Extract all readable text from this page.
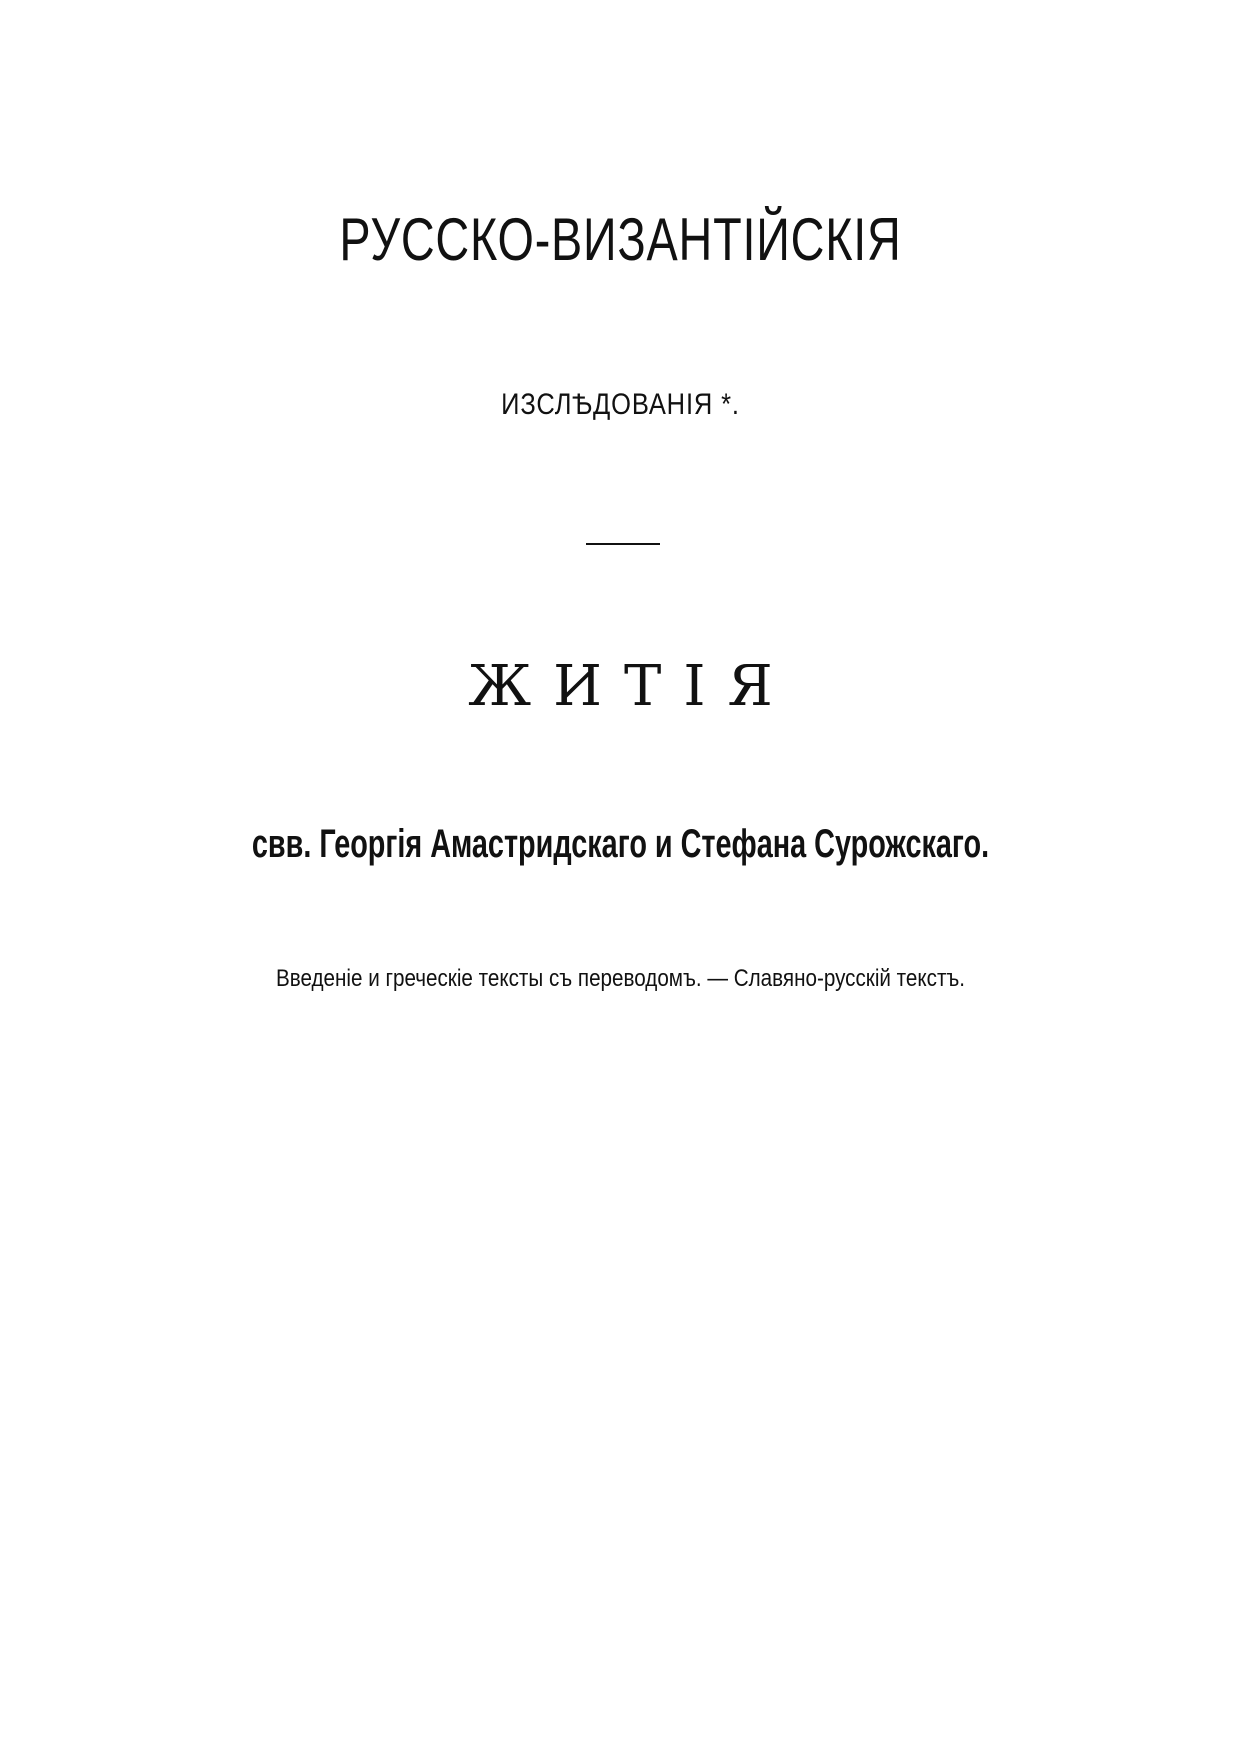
РУССКО-ВИЗАНТІЙСКІЯ
ИЗСЛѢДОВАНІЯ *.
ЖИТІЯ
свв. Георгія Амастридскаго и Стефана Сурожскаго.
Введеніе и греческіе тексты съ переводомъ. — Славяно-русскій текстъ.
